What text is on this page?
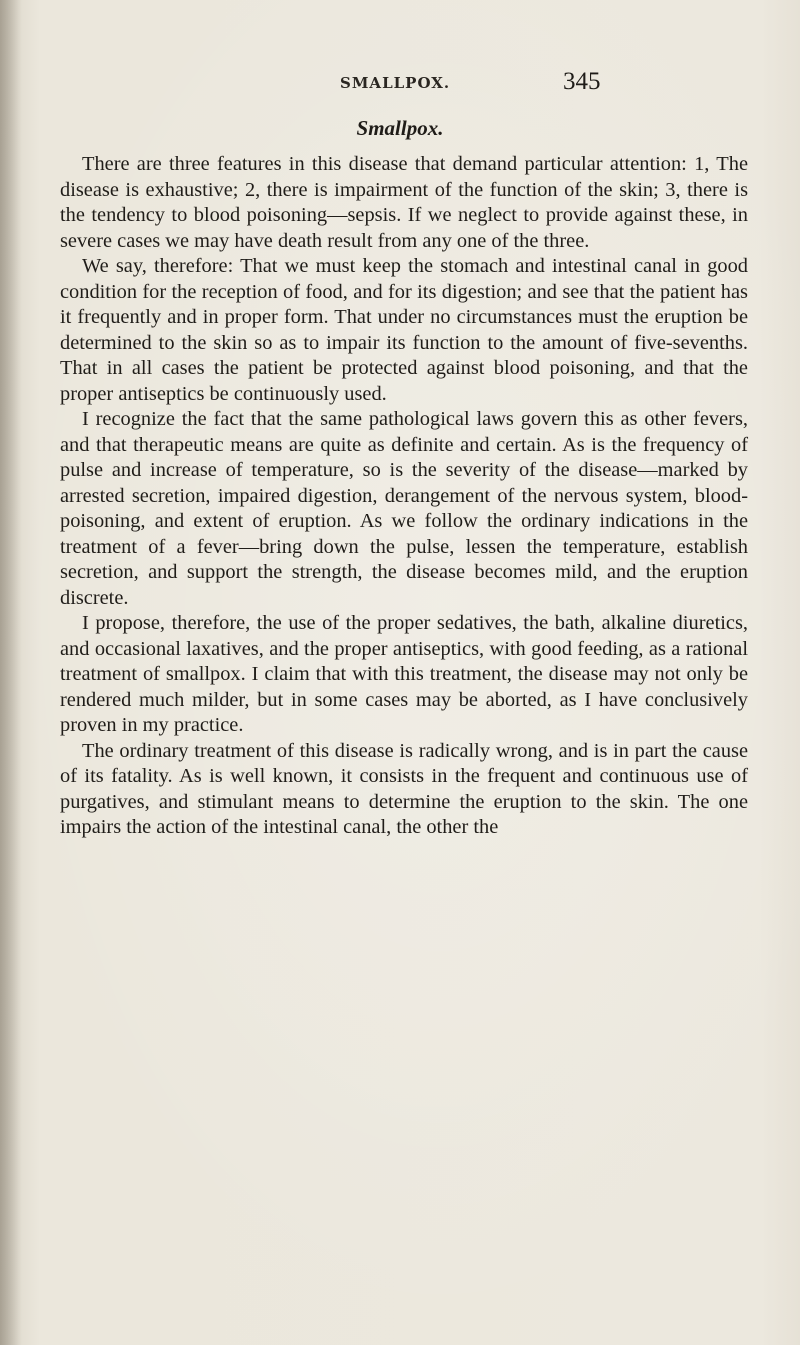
SMALLPOX.	345
Smallpox.

There are three features in this disease that demand particular attention: 1, The disease is exhaustive; 2, there is impairment of the function of the skin; 3, there is the tendency to blood poisoning—sepsis. If we neglect to provide against these, in severe cases we may have death result from any one of the three.

We say, therefore: That we must keep the stomach and intestinal canal in good condition for the reception of food, and for its digestion; and see that the patient has it frequently and in proper form. That under no circumstances must the eruption be determined to the skin so as to impair its function to the amount of five-sevenths. That in all cases the patient be protected against blood poisoning, and that the proper antiseptics be continuously used.

I recognize the fact that the same pathological laws govern this as other fevers, and that therapeutic means are quite as definite and certain. As is the frequency of pulse and increase of temperature, so is the severity of the disease—marked by arrested secretion, impaired digestion, derangement of the nervous system, blood-poisoning, and extent of eruption. As we follow the ordinary indications in the treatment of a fever—bring down the pulse, lessen the temperature, establish secretion, and support the strength, the disease becomes mild, and the eruption discrete.

I propose, therefore, the use of the proper sedatives, the bath, alkaline diuretics, and occasional laxatives, and the proper antiseptics, with good feeding, as a rational treatment of smallpox. I claim that with this treatment, the disease may not only be rendered much milder, but in some cases may be aborted, as I have conclusively proven in my practice.

The ordinary treatment of this disease is radically wrong, and is in part the cause of its fatality. As is well known, it consists in the frequent and continuous use of purgatives, and stimulant means to determine the eruption to the skin. The one impairs the action of the intestinal canal, the other the
